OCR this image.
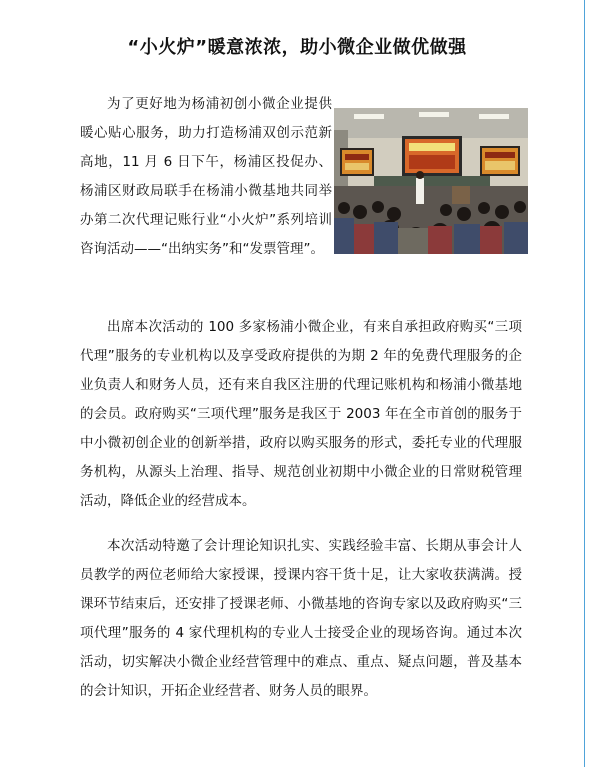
“小火炉”暖意浓浓，助小微企业做优做强
为了更好地为杨浦初创小微企业提供暖心贴心服务，助力打造杨浦双创示范新高地，11 月 6 日下午，杨浦区投促办、杨浦区财政局联手在杨浦小微基地共同举办第二次代理记账行业“小火炉”系列培训咨询活动——“出纳实务”和“发票管理”。
出席本次活动的 100 多家杨浦小微企业，有来自承担政府购买“三项代理”服务的专业机构以及享受政府提供的为期 2 年的免费代理服务的企业负责人和财务人员，还有来自我区注册的代理记账机构和杨浦小微基地的会员。政府购买“三项代理”服务是我区于 2003 年在全市首创的服务于中小微初创企业的创新举措，政府以购买服务的形式，委托专业的代理服务机构，从源头上治理、指导、规范创业初期中小微企业的日常财税管理活动，降低企业的经营成本。
本次活动特邀了会计理论知识扎实、实践经验丰富、长期从事会计人员教学的两位老师给大家授课，授课内容干货十足，让大家收获满满。授课环节结束后，还安排了授课老师、小微基地的咨询专家以及政府购买“三项代理”服务的 4 家代理机构的专业人士接受企业的现场咨询。通过本次活动，切实解决小微企业经营管理中的难点、重点、疑点问题，普及基本的会计知识，开拓企业经营者、财务人员的眼界。
